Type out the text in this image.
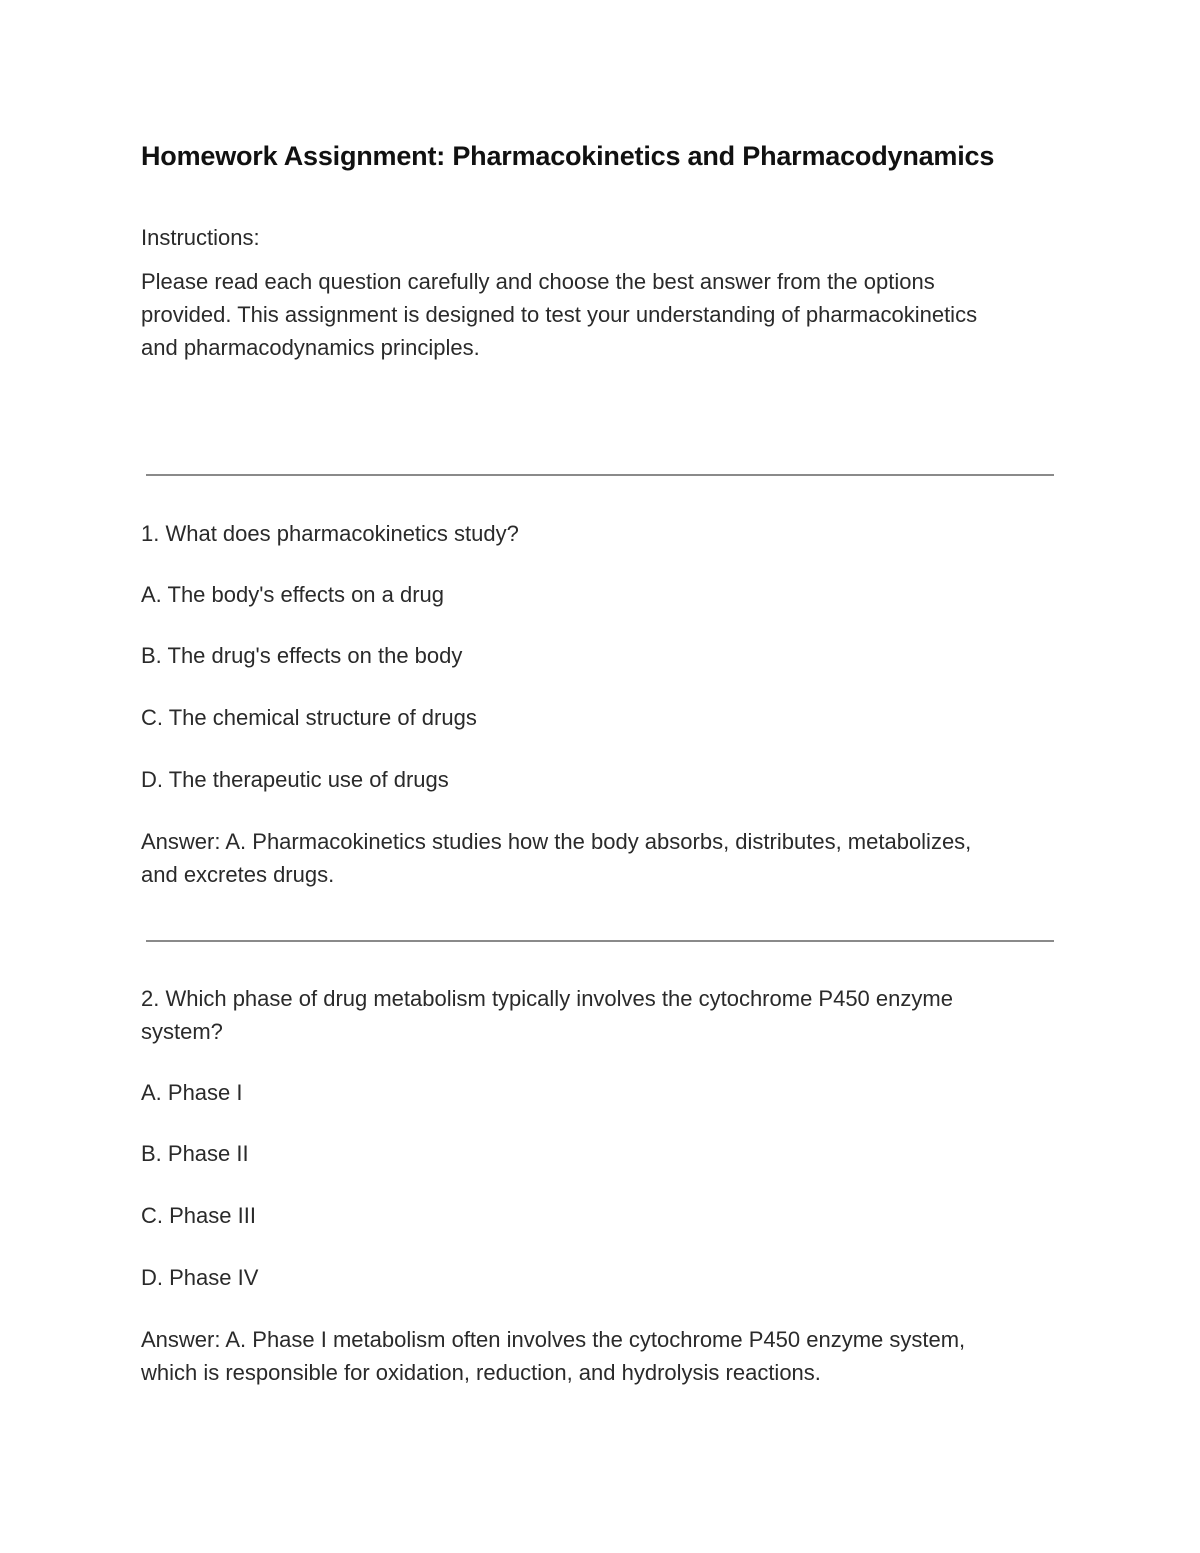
Homework Assignment: Pharmacokinetics and Pharmacodynamics
Instructions:
Please read each question carefully and choose the best answer from the options
provided. This assignment is designed to test your understanding of pharmacokinetics
and pharmacodynamics principles.
1. What does pharmacokinetics study?
A. The body's effects on a drug
B. The drug's effects on the body
C. The chemical structure of drugs
D. The therapeutic use of drugs
Answer: A. Pharmacokinetics studies how the body absorbs, distributes, metabolizes,
and excretes drugs.
2. Which phase of drug metabolism typically involves the cytochrome P450 enzyme
system?
A. Phase I
B. Phase II
C. Phase III
D. Phase IV
Answer: A. Phase I metabolism often involves the cytochrome P450 enzyme system,
which is responsible for oxidation, reduction, and hydrolysis reactions.
